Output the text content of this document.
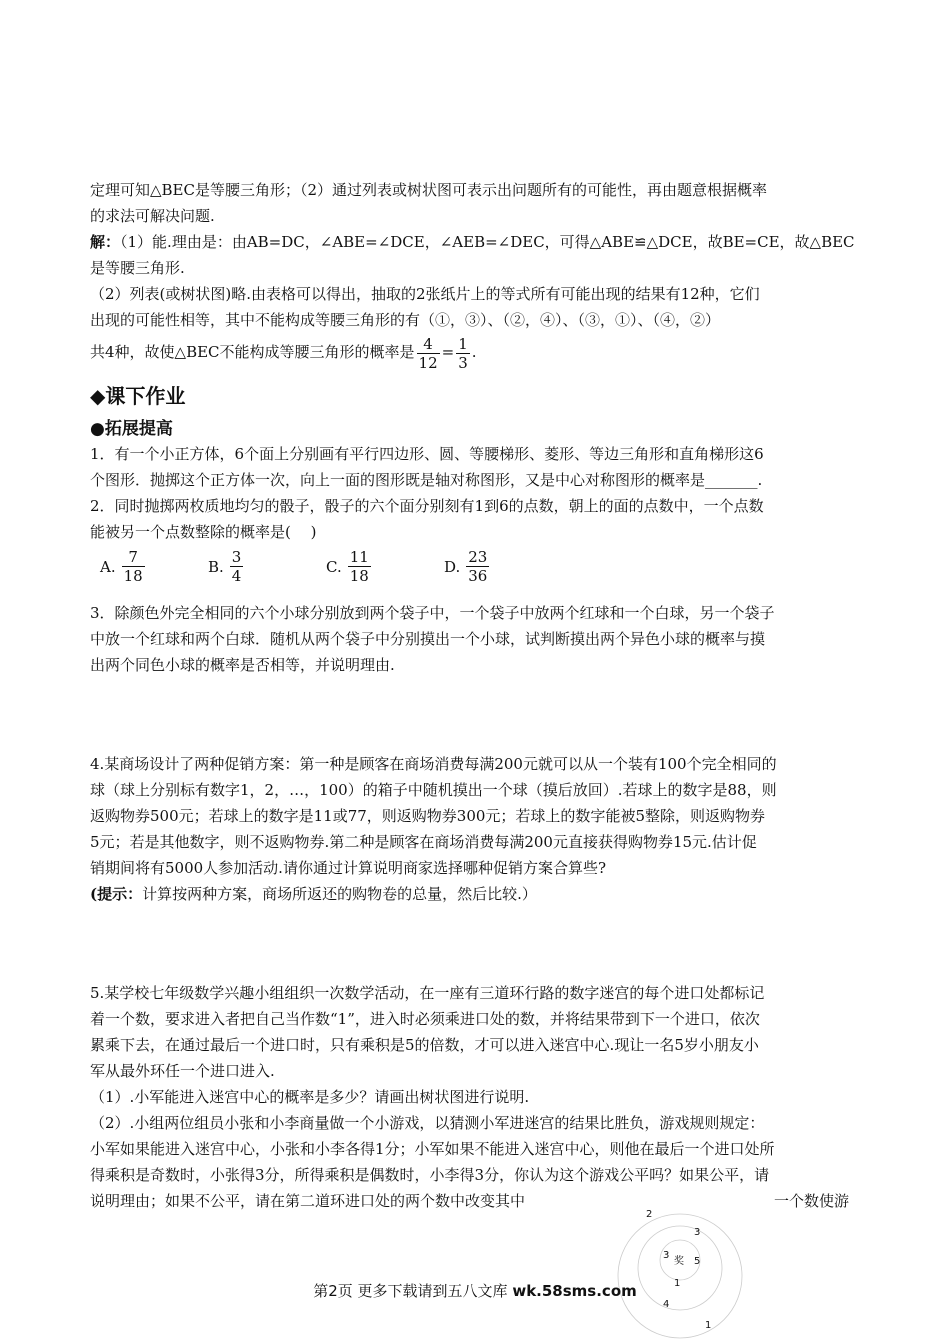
定理可知△BEC是等腰三角形；（2）通过列表或树状图可表示出问题所有的可能性，再由题意根据概率
的求法可解决问题.
解：（1）能.理由是：由AB=DC，∠ABE=∠DCE，∠AEB=∠DEC，可得△ABE≌△DCE，故BE=CE，故△BEC
是等腰三角形.
（2）列表(或树状图)略.由表格可以得出，抽取的2张纸片上的等式所有可能出现的结果有12种，它们
出现的可能性相等，其中不能构成等腰三角形的有（①，③）、（②，④）、（③，①）、（④，②）
共4种，故使△BEC不能构成等腰三角形的概率是 $\frac{4}{12} = \frac{1}{3}$ .
◆课下作业
●拓展提高
1．有一个小正方体，6个面上分别画有平行四边形、圆、等腰梯形、菱形、等边三角形和直角梯形这6
个图形．抛掷这个正方体一次，向上一面的图形既是轴对称图形，又是中心对称图形的概率是_______.
2．同时抛掷两枚质地均匀的骰子，骰子的六个面分别刻有1到6的点数，朝上的面的点数中，一个点数
能被另一个点数整除的概率是(　 )
A. $\frac{7}{18}$	B. $\frac{3}{4}$	C. $\frac{11}{18}$	D. $\frac{23}{36}$
3．除颜色外完全相同的六个小球分别放到两个袋子中，一个袋子中放两个红球和一个白球，另一个袋子
中放一个红球和两个白球．随机从两个袋子中分别摸出一个小球，试判断摸出两个异色小球的概率与摸
出两个同色小球的概率是否相等，并说明理由.
4.某商场设计了两种促销方案：第一种是顾客在商场消费每满200元就可以从一个装有100个完全相同的
球（球上分别标有数字1，2，…，100）的箱子中随机摸出一个球（摸后放回）.若球上的数字是88，则
返购物券500元；若球上的数字是11或77，则返购物券300元；若球上的数字能被5整除，则返购物券
5元；若是其他数字，则不返购物券.第二种是顾客在商场消费每满200元直接获得购物券15元.估计促
销期间将有5000人参加活动.请你通过计算说明商家选择哪种促销方案合算些?
(提示：计算按两种方案，商场所返还的购物卷的总量，然后比较.）
5.某学校七年级数学兴趣小组组织一次数学活动，在一座有三道环行路的数字迷宫的每个进口处都标记
着一个数，要求进入者把自己当作数“1”，进入时必须乘进口处的数，并将结果带到下一个进口，依次
累乘下去，在通过最后一个进口时，只有乘积是5的倍数，才可以进入迷宫中心.现让一名5岁小朋友小
军从最外环任一个进口进入.
（1）.小军能进入迷宫中心的概率是多少？请画出树状图进行说明.
（2）.小组两位组员小张和小李商量做一个小游戏，以猜测小军进迷宫的结果比胜负，游戏规则规定：
小军如果能进入迷宫中心，小张和小李各得1分；小军如果不能进入迷宫中心，则他在最后一个进口处所
得乘积是奇数时，小张得3分，所得乘积是偶数时，小李得3分，你认为这个游戏公平吗？如果公平，请
说明理由；如果不公平，请在第二道环进口处的两个数中改变其中	一个数使游
奖
2
3
3
5
1
4
1
第2页 更多下载请到五八文库 wk.58sms.com
